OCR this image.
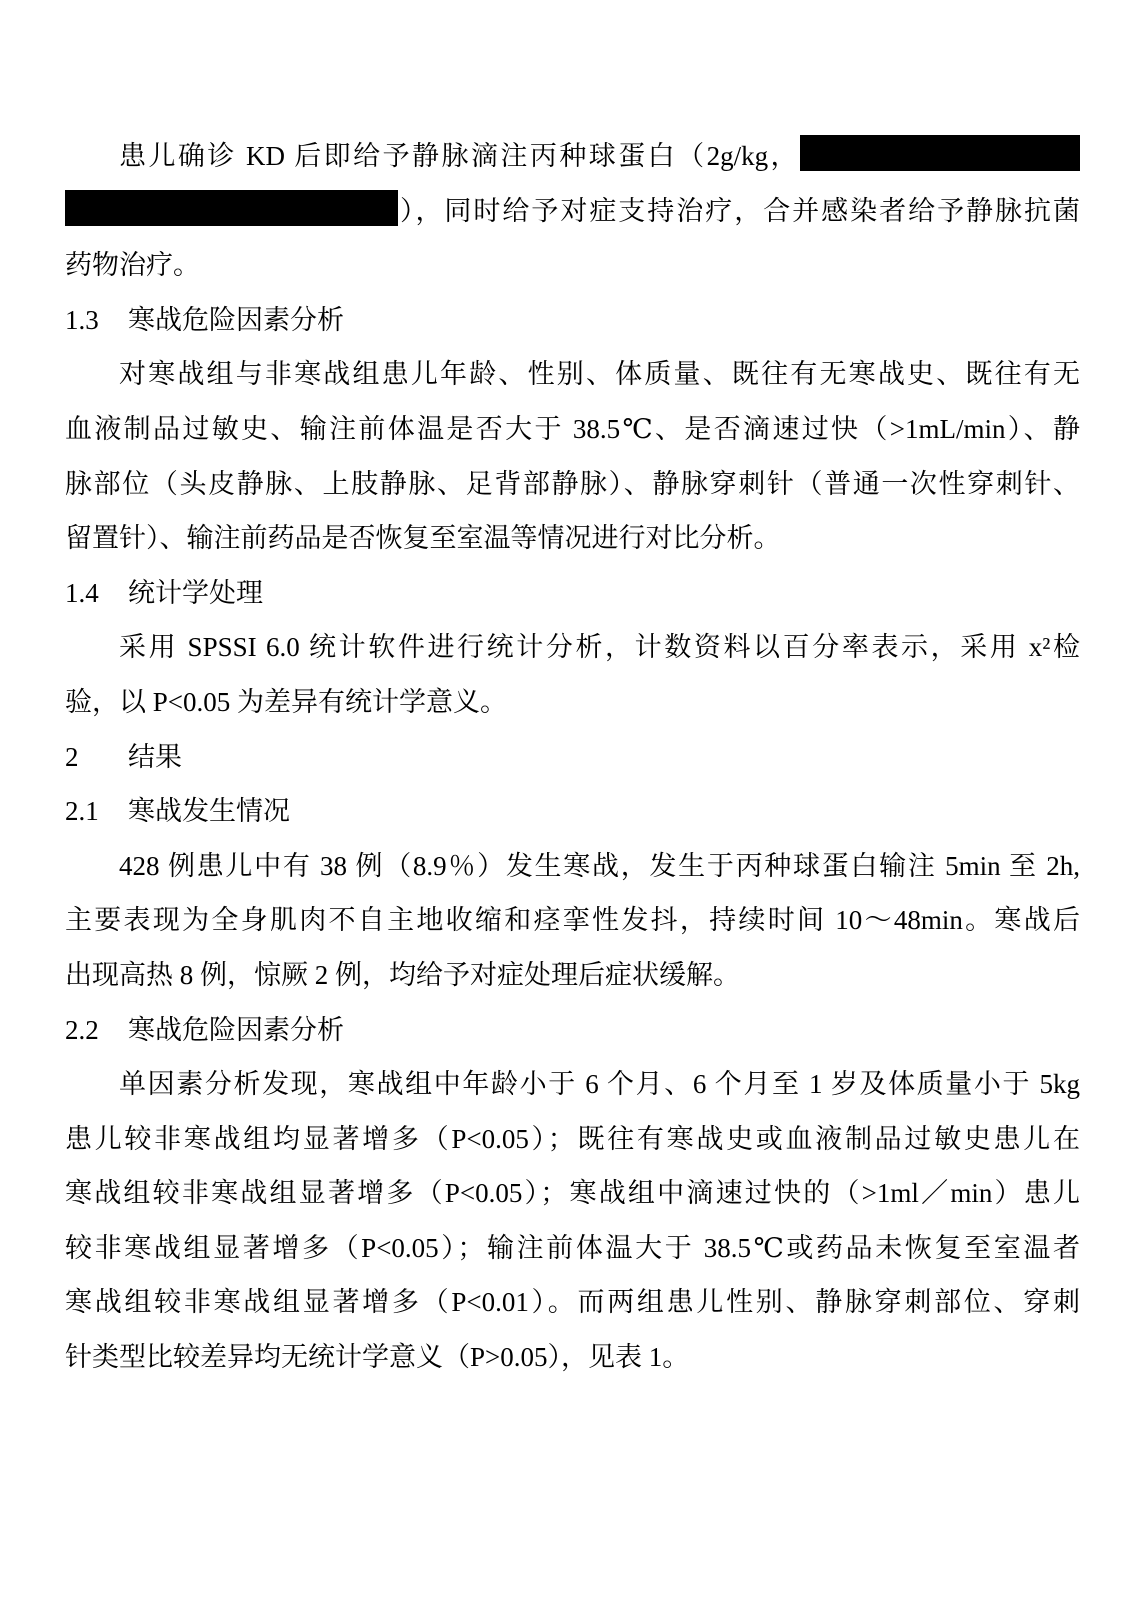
患儿确诊 KD 后即给予静脉滴注丙种球蛋白（2g/kg，
），同时给予对症支持治疗，合并感染者给予静脉抗菌
药物治疗。
1.3 寒战危险因素分析
对寒战组与非寒战组患儿年龄、性别、体质量、既往有无寒战史、既往有无
血液制品过敏史、输注前体温是否大于 38.5℃、是否滴速过快（>1mL/min）、静
脉部位（头皮静脉、上肢静脉、足背部静脉）、静脉穿刺针（普通一次性穿刺针、
留置针）、输注前药品是否恢复至室温等情况进行对比分析。
1.4 统计学处理
采用 SPSSI 6.0 统计软件进行统计分析，计数资料以百分率表示，采用 x²检
验，以 P<0.05 为差异有统计学意义。
2 结果
2.1 寒战发生情况
428 例患儿中有 38 例（8.9％）发生寒战，发生于丙种球蛋白输注 5min 至 2h,
主要表现为全身肌肉不自主地收缩和痉挛性发抖，持续时间 10～48min。寒战后
出现高热 8 例，惊厥 2 例，均给予对症处理后症状缓解。
2.2 寒战危险因素分析
单因素分析发现，寒战组中年龄小于 6 个月、6 个月至 1 岁及体质量小于 5kg
患儿较非寒战组均显著增多（P<0.05）；既往有寒战史或血液制品过敏史患儿在
寒战组较非寒战组显著增多（P<0.05）；寒战组中滴速过快的（>1ml／min）患儿
较非寒战组显著增多（P<0.05）；输注前体温大于 38.5℃或药品未恢复至室温者
寒战组较非寒战组显著增多（P<0.01）。而两组患儿性别、静脉穿刺部位、穿刺
针类型比较差异均无统计学意义（P>0.05），见表 1。
